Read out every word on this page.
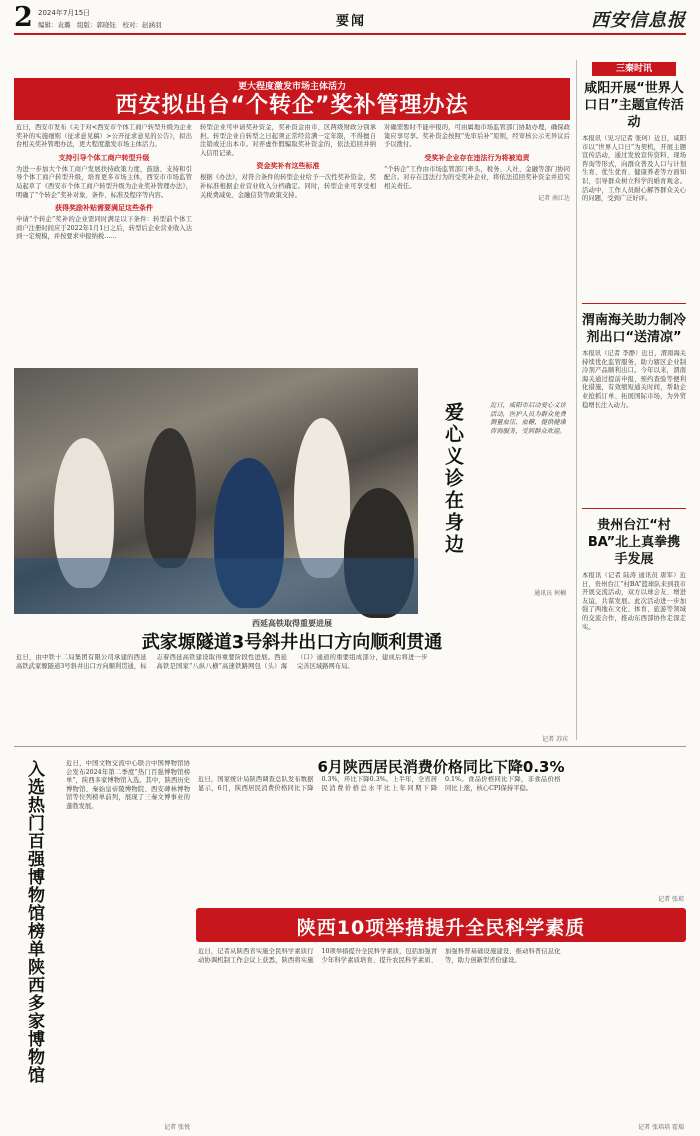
2 2024年7月15日
编辑：袁璐　组版：郭晓钰　校对：赵涵羽	要闻	西安信息报
更大程度激发市场主体活力
西安拟出台“个转企”奖补管理办法
近日，西安市发布《关于对<西安市个体工商户转型升级为企业奖补的实施细则（征求意见稿）>公开征求意见的公告》，拟出台相关奖补管理办法，更大程度激发市场主体活力。
支持引导个体工商户转型升级
为进一步加大个体工商户发展扶持政策力度，鼓励、支持和引导个体工商户转型升级，培育更多市场主体，西安市市场监管局起草了《西安市个体工商户转型升级为企业奖补管理办法》，明确了“个转企”奖补对象、条件、标准及程序等内容。
获得奖励补贴需要满足这些条件
申请“个转企”奖补的企业需同时满足以下条件：转型前个体工商户注册时间应于2022年1月1日之后，转型后企业营业收入达到一定规模，并按要求申报纳税……
转型企业可申请奖补资金，奖补资金由市、区两级财政分别承担。转型企业自转型之日起须正常经营满一定年限，不得擅自注销或迁出本市。对弄虚作假骗取奖补资金的，依法追回并纳入信用记录。
资金奖补有这些标准
根据《办法》，对符合条件的转型企业给予一次性奖补资金，奖补标准根据企业营业收入分档确定。同时，转型企业可享受相关税费减免、金融信贷等政策支持。
对确需暂时不能申报的，可由属地市场监管部门协助办理，确保政策应享尽享。奖补资金按照“先审后补”原则，经审核公示无异议后予以拨付。
受奖补企业存在违法行为将被追责
“个转企”工作由市场监管部门牵头，税务、人社、金融等部门协同配合。对存在违法行为的受奖补企业，将依法追回奖补资金并追究相关责任。
记者 南江达
爱心义诊在身边	近日，咸阳市启动爱心义诊活动，医护人员为群众免费测量血压、血糖，提供健康咨询服务，受到群众欢迎。
通讯员 何楠
西延高铁取得重要进展
武家塬隧道3号斜井出口方向顺利贯通
近日，由中铁十二局集团有限公司承建的西延高铁武家塬隧道3号斜井出口方向顺利贯通，标志着西延高铁建设取得重要阶段性进展。西延高铁是国家“八纵八横”高速铁路网包（头）海（口）通道的重要组成部分，建成后将进一步完善区域路网布局。
记者 苏宾
入选热门百强博物馆榜单陕西多家博物馆	近日，中国文物交流中心联合中国博物馆协会发布2024年第二季度“热门百强博物馆榜单”，陕西多家博物馆入选。其中，陕西历史博物馆、秦始皇帝陵博物院、西安碑林博物馆等位列榜单前列，展现了三秦文博事业的蓬勃发展。
记者 张悦
6月陕西居民消费价格同比下降0.3%
近日，国家统计局陕西调查总队发布数据显示，6月，陕西居民消费价格同比下降0.3%，环比下降0.3%。上半年，全省居民消费价格总水平比上年同期下降0.1%。食品价格同比下降，非食品价格同比上涨，核心CPI保持平稳。
记者 张琼
陕西10项举措提升全民科学素质
近日，记者从陕西省实施全民科学素质行动协调机制工作会议上获悉，陕西将实施10项举措提升全民科学素质，包括加强青少年科学素质培育、提升农民科学素质、加强科普基础设施建设、推动科普信息化等，助力创新型省份建设。
记者 张培培 霍瑞
三秦时讯
咸阳开展“世界人口日”主题宣传活动
本报讯（见习记者 张珂）近日，咸阳市以“世界人口日”为契机，开展主题宣传活动，通过发放宣传资料、现场咨询等形式，向群众普及人口与计划生育、优生优育、健康养老等方面知识，引导群众树立科学的婚育观念。活动中，工作人员耐心解答群众关心的问题，受到广泛好评。
渭南海关助力制冷剂出口“送清凉”
本报讯（记者 李静）近日，渭南海关持续优化监管服务，助力辖区企业制冷剂产品顺利出口。今年以来，渭南海关通过提前申报、预约查验等便利化措施，有效缩短通关时间，帮助企业抢抓订单、拓展国际市场，为外贸稳增长注入动力。
贵州台江“村BA”北上真拳携手发展
本报讯（记者 陆涛 通讯员 唐军）近日，贵州台江“村BA”篮球队来到我市开展交流活动，双方以球会友、增进友谊，共谋发展。此次活动进一步加强了两地在文化、体育、旅游等领域的交流合作，推动东西部协作走深走实。
